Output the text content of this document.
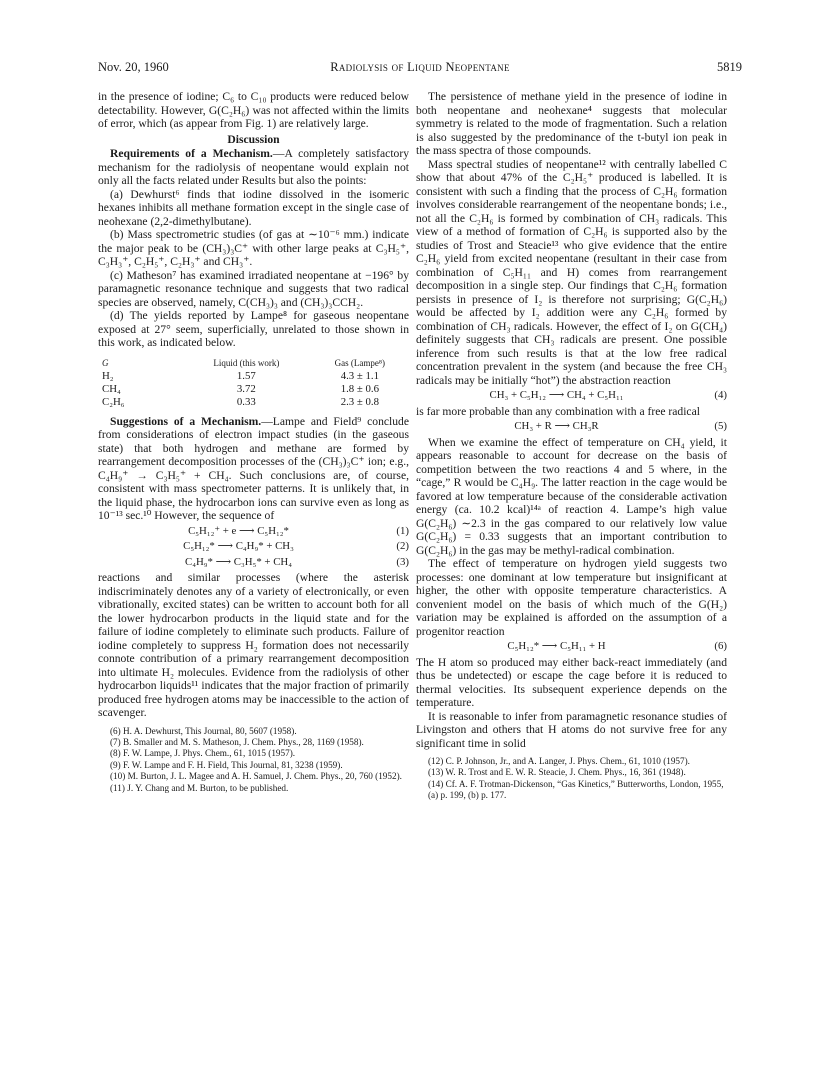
Nov. 20, 1960	Radiolysis of Liquid Neopentane	5819

in the presence of iodine; C₆ to C₁₀ products were reduced below detectability. However, G(C₂H₆) was not affected within the limits of error, which (as appear from Fig. 1) are relatively large.

Discussion

Requirements of a Mechanism.—A completely satisfactory mechanism for the radiolysis of neopentane would explain not only all the facts related under Results but also the points:

(a) Dewhurst⁶ finds that iodine dissolved in the isomeric hexanes inhibits all methane formation except in the single case of neohexane (2,2-dimethylbutane).

(b) Mass spectrometric studies (of gas at ∼10⁻⁶ mm.) indicate the major peak to be (CH₃)₃C⁺ with other large peaks at C₃H₅⁺, C₃H₃⁺, C₂H₅⁺, C₂H₃⁺ and CH₃⁺.

(c) Matheson⁷ has examined irradiated neopentane at −196° by paramagnetic resonance technique and suggests that two radical species are observed, namely, C(CH₃)₃ and (CH₃)₃CCH₂.

(d) The yields reported by Lampe⁸ for gaseous neopentane exposed at 27° seem, superficially, unrelated to those shown in this work, as indicated below.

G	Liquid (this work)	Gas (Lampe⁸)
H₂	1.57	4.3 ± 1.1
CH₄	3.72	1.8 ± 0.6
C₂H₆	0.33	2.3 ± 0.8

Suggestions of a Mechanism.—Lampe and Field⁹ conclude from considerations of electron impact studies (in the gaseous state) that both hydrogen and methane are formed by rearrangement decomposition processes of the (CH₃)₃C⁺ ion; e.g., C₄H₉⁺ → C₃H₅⁺ + CH₄. Such conclusions are, of course, consistent with mass spectrometer patterns. It is unlikely that, in the liquid phase, the hydrocarbon ions can survive even as long as 10⁻¹³ sec.¹⁰ However, the sequence of

C₅H₁₂⁺ + e ⟶ C₅H₁₂*	(1)
C₅H₁₂* ⟶ C₄H₉* + CH₃	(2)
C₄H₉* ⟶ C₃H₅* + CH₄	(3)

reactions and similar processes (where the asterisk indiscriminately denotes any of a variety of electronically, or even vibrationally, excited states) can be written to account both for all the lower hydrocarbon products in the liquid state and for the failure of iodine completely to eliminate such products. Failure of iodine completely to suppress H₂ formation does not necessarily connote contribution of a primary rearrangement decomposition into ultimate H₂ molecules. Evidence from the radiolysis of other hydrocarbon liquids¹¹ indicates that the major fraction of primarily produced free hydrogen atoms may be inaccessible to the action of scavenger.

(6) H. A. Dewhurst, This Journal, 80, 5607 (1958).
(7) B. Smaller and M. S. Matheson, J. Chem. Phys., 28, 1169 (1958).
(8) F. W. Lampe, J. Phys. Chem., 61, 1015 (1957).
(9) F. W. Lampe and F. H. Field, This Journal, 81, 3238 (1959).
(10) M. Burton, J. L. Magee and A. H. Samuel, J. Chem. Phys., 20, 760 (1952).
(11) J. Y. Chang and M. Burton, to be published.

The persistence of methane yield in the presence of iodine in both neopentane and neohexane⁴ suggests that molecular symmetry is related to the mode of fragmentation. Such a relation is also suggested by the predominance of the t-butyl ion peak in the mass spectra of those compounds.

Mass spectral studies of neopentane¹² with centrally labelled C show that about 47% of the C₂H₅⁺ produced is labelled. It is consistent with such a finding that the process of C₂H₆ formation involves considerable rearrangement of the neopentane bonds; i.e., not all the C₂H₆ is formed by combination of CH₃ radicals. This view of a method of formation of C₂H₆ is supported also by the studies of Trost and Steacie¹³ who give evidence that the entire C₂H₆ yield from excited neopentane (resultant in their case from combination of C₅H₁₁ and H) comes from rearrangement decomposition in a single step. Our findings that C₂H₆ formation persists in presence of I₂ is therefore not surprising; G(C₂H₆) would be affected by I₂ addition were any C₂H₆ formed by combination of CH₃ radicals. However, the effect of I₂ on G(CH₄) definitely suggests that CH₃ radicals are present. One possible inference from such results is that at the low free radical concentration prevalent in the system (and because the free CH₃ radicals may be initially “hot”) the abstraction reaction

CH₃ + C₅H₁₂ ⟶ CH₄ + C₅H₁₁	(4)

is far more probable than any combination with a free radical

CH₃ + R ⟶ CH₃R	(5)

When we examine the effect of temperature on CH₄ yield, it appears reasonable to account for decrease on the basis of competition between the two reactions 4 and 5 where, in the “cage,” R would be C₄H₉. The latter reaction in the cage would be favored at low temperature because of the considerable activation energy (ca. 10.2 kcal)¹⁴ᵃ of reaction 4. Lampe’s high value G(C₂H₆) ∼2.3 in the gas compared to our relatively low value G(C₂H₆) = 0.33 suggests that an important contribution to G(C₂H₆) in the gas may be methyl-radical combination.

The effect of temperature on hydrogen yield suggests two processes: one dominant at low temperature but insignificant at higher, the other with opposite temperature characteristics. A convenient model on the basis of which much of the G(H₂) variation may be explained is afforded on the assumption of a progenitor reaction

C₅H₁₂* ⟶ C₅H₁₁ + H	(6)

The H atom so produced may either back-react immediately (and thus be undetected) or escape the cage before it is reduced to thermal velocities. Its subsequent experience depends on the temperature.

It is reasonable to infer from paramagnetic resonance studies of Livingston and others that H atoms do not survive free for any significant time in solid

(12) C. P. Johnson, Jr., and A. Langer, J. Phys. Chem., 61, 1010 (1957).
(13) W. R. Trost and E. W. R. Steacie, J. Chem. Phys., 16, 361 (1948).
(14) Cf. A. F. Trotman-Dickenson, “Gas Kinetics,” Butterworths, London, 1955, (a) p. 199, (b) p. 177.
